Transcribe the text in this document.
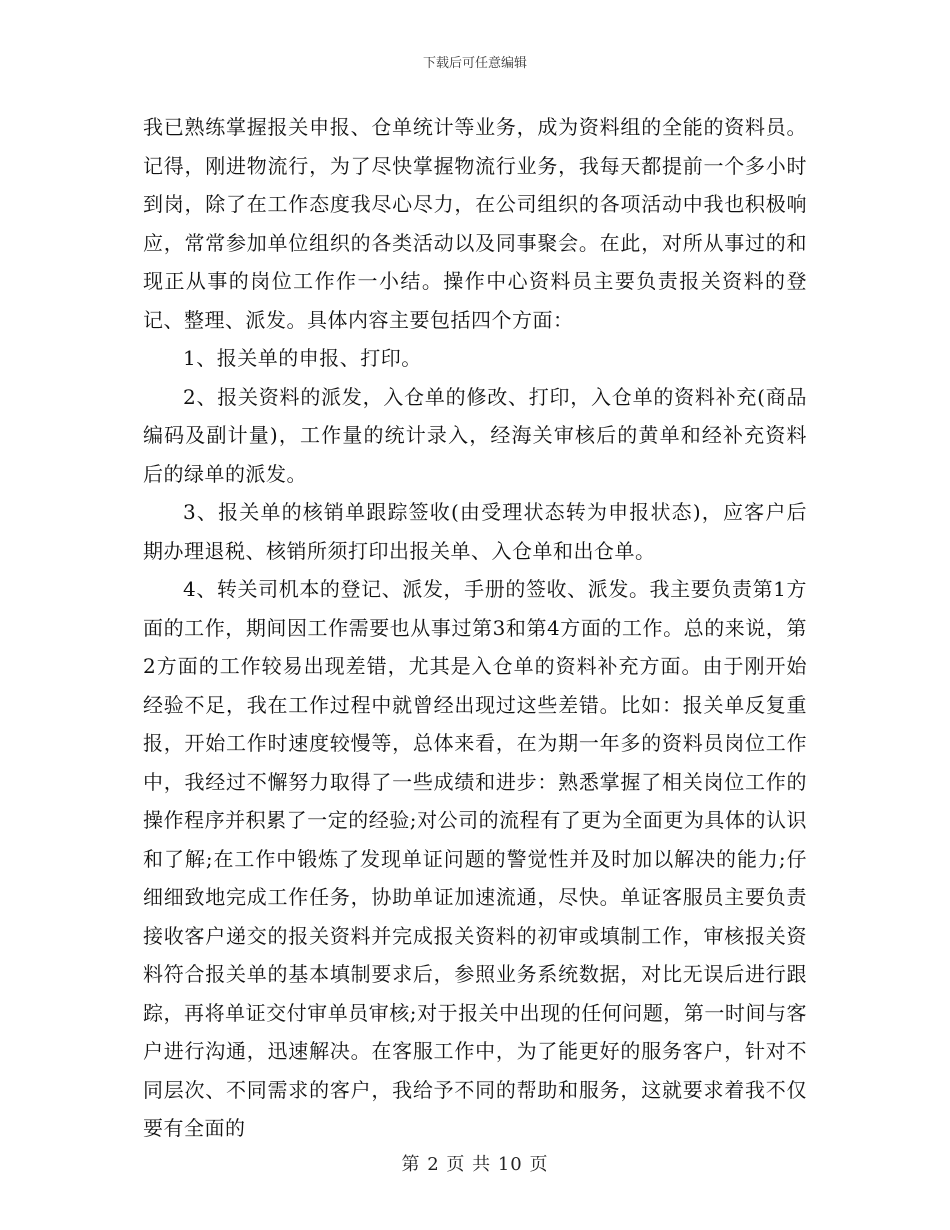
下载后可任意编辑

我已熟练掌握报关申报、仓单统计等业务，成为资料组的全能的资料员。记得，刚进物流行，为了尽快掌握物流行业务，我每天都提前一个多小时到岗，除了在工作态度我尽心尽力，在公司组织的各项活动中我也积极响应，常常参加单位组织的各类活动以及同事聚会。在此，对所从事过的和现正从事的岗位工作作一小结。操作中心资料员主要负责报关资料的登记、整理、派发。具体内容主要包括四个方面：

1、报关单的申报、打印。

2、报关资料的派发，入仓单的修改、打印，入仓单的资料补充(商品编码及副计量)，工作量的统计录入，经海关审核后的黄单和经补充资料后的绿单的派发。

3、报关单的核销单跟踪签收(由受理状态转为申报状态)，应客户后期办理退税、核销所须打印出报关单、入仓单和出仓单。

4、转关司机本的登记、派发，手册的签收、派发。我主要负责第1方面的工作，期间因工作需要也从事过第3和第4方面的工作。总的来说，第2方面的工作较易出现差错，尤其是入仓单的资料补充方面。由于刚开始经验不足，我在工作过程中就曾经出现过这些差错。比如：报关单反复重报，开始工作时速度较慢等，总体来看，在为期一年多的资料员岗位工作中，我经过不懈努力取得了一些成绩和进步：熟悉掌握了相关岗位工作的操作程序并积累了一定的经验;对公司的流程有了更为全面更为具体的认识和了解;在工作中锻炼了发现单证问题的警觉性并及时加以解决的能力;仔细细致地完成工作任务，协助单证加速流通，尽快。单证客服员主要负责接收客户递交的报关资料并完成报关资料的初审或填制工作，审核报关资料符合报关单的基本填制要求后，参照业务系统数据，对比无误后进行跟踪，再将单证交付审单员审核;对于报关中出现的任何问题，第一时间与客户进行沟通，迅速解决。在客服工作中，为了能更好的服务客户，针对不同层次、不同需求的客户，我给予不同的帮助和服务，这就要求着我不仅要有全面的

第 2 页 共 10 页
